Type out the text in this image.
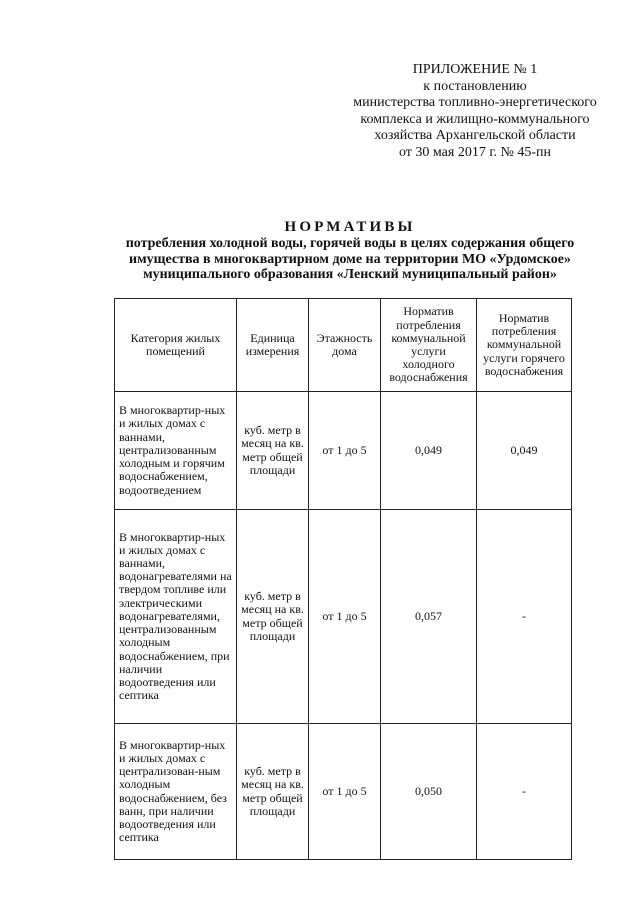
ПРИЛОЖЕНИЕ № 1
к постановлению
министерства топливно-энергетического
комплекса и жилищно-коммунального
хозяйства Архангельской области
от 30 мая 2017 г. № 45-пн
НОРМАТИВЫ
потребления холодной воды, горячей воды в целях содержания общего
имущества в многоквартирном доме на территории МО «Урдомское»
муниципального образования «Ленский муниципальный район»
Категория жилых помещений	Единица измерения	Этажность дома	Норматив потребления коммунальной услуги холодного водоснабжения	Норматив потребления коммунальной услуги горячего водоснабжения
В многоквартир-ных и жилых домах с ваннами, централизованным холодным и горячим водоснабжением, водоотведением	куб. метр в месяц на кв. метр общей площади	от 1 до 5	0,049	0,049
В многоквартир-ных и жилых домах с ваннами, водонагревателями на твердом топливе или электрическими водонагревателями, централизованным холодным водоснабжением, при наличии водоотведения или септика	куб. метр в месяц на кв. метр общей площади	от 1 до 5	0,057	-
В многоквартир-ных и жилых домах с централизован-ным холодным водоснабжением, без ванн, при наличии водоотведения или септика	куб. метр в месяц на кв. метр общей площади	от 1 до 5	0,050	-
